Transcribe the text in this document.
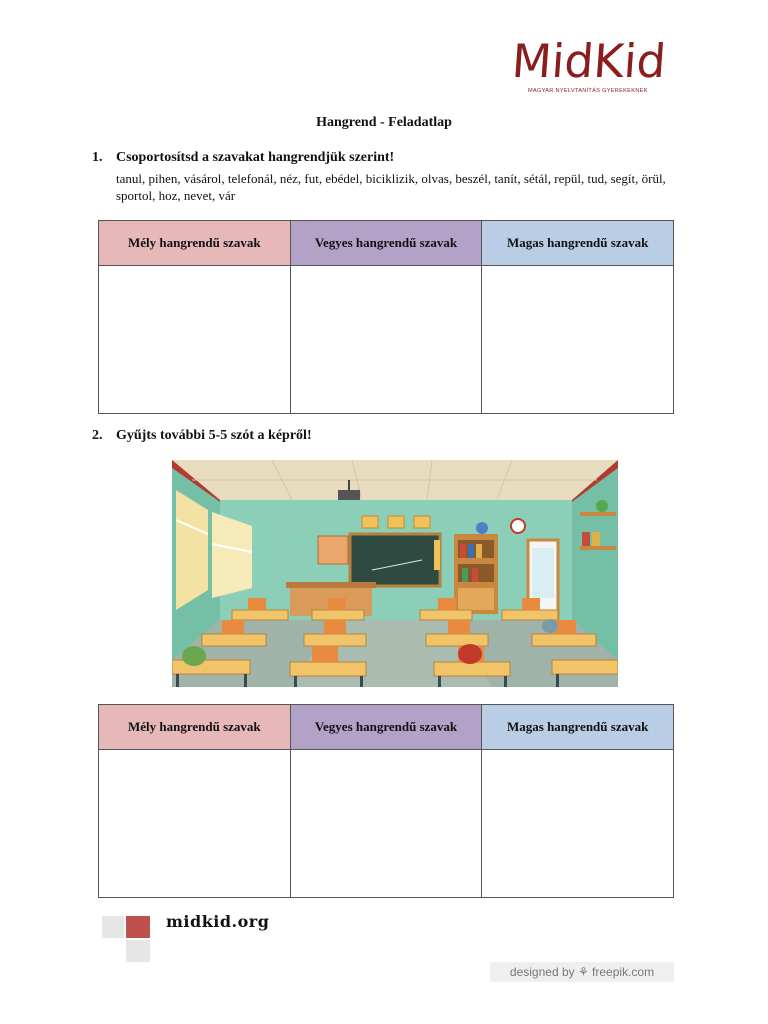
MidKid
MAGYAR NYELVTANÍTÁS GYEREKEKNEK
Hangrend - Feladatlap
1. Csoportosítsd a szavakat hangrendjük szerint!
tanul, pihen, vásárol, telefonál, néz, fut, ebédel, biciklizik, olvas, beszél, tanít, sétál, repül, tud, segít, örül, sportol, hoz, nevet, vár
Mély hangrendű szavak	Vegyes hangrendű szavak	Magas hangrendű szavak

2. Gyűjts további 5-5 szót a képről!
Mély hangrendű szavak	Vegyes hangrendű szavak	Magas hangrendű szavak

midkid.org
designed by ⚘ freepik.com
